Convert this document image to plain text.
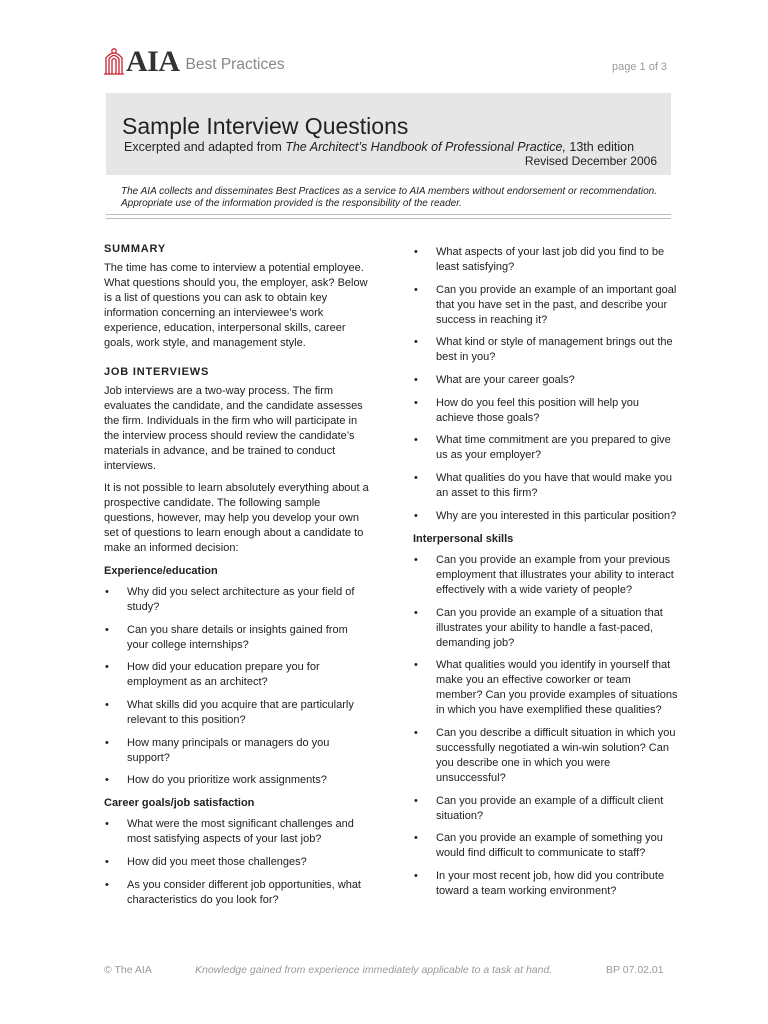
AIA Best Practices	page 1 of 3
Sample Interview Questions
Excerpted and adapted from The Architect’s Handbook of Professional Practice, 13th edition
Revised December 2006
The AIA collects and disseminates Best Practices as a service to AIA members without endorsement or recommendation. Appropriate use of the information provided is the responsibility of the reader.
SUMMARY

The time has come to interview a potential employee. What questions should you, the employer, ask? Below is a list of questions you can ask to obtain key information concerning an interviewee’s work experience, education, interpersonal skills, career goals, work style, and management style.

JOB INTERVIEWS

Job interviews are a two-way process. The firm evaluates the candidate, and the candidate assesses the firm. Individuals in the firm who will participate in the interview process should review the candidate’s materials in advance, and be trained to conduct interviews.

It is not possible to learn absolutely everything about a prospective candidate. The following sample questions, however, may help you develop your own set of questions to learn enough about a candidate to make an informed decision:

Experience/education
• Why did you select architecture as your field of study?
• Can you share details or insights gained from your college internships?
• How did your education prepare you for employment as an architect?
• What skills did you acquire that are particularly relevant to this position?
• How many principals or managers do you support?
• How do you prioritize work assignments?
Career goals/job satisfaction
• What were the most significant challenges and most satisfying aspects of your last job?
• How did you meet those challenges?
• As you consider different job opportunities, what characteristics do you look for?
• What aspects of your last job did you find to be least satisfying?
• Can you provide an example of an important goal that you have set in the past, and describe your success in reaching it?
• What kind or style of management brings out the best in you?
• What are your career goals?
• How do you feel this position will help you achieve those goals?
• What time commitment are you prepared to give us as your employer?
• What qualities do you have that would make you an asset to this firm?
• Why are you interested in this particular position?
Interpersonal skills
• Can you provide an example from your previous employment that illustrates your ability to interact effectively with a wide variety of people?
• Can you provide an example of a situation that illustrates your ability to handle a fast-paced, demanding job?
• What qualities would you identify in yourself that make you an effective coworker or team member? Can you provide examples of situations in which you have exemplified these qualities?
• Can you describe a difficult situation in which you successfully negotiated a win-win solution? Can you describe one in which you were unsuccessful?
• Can you provide an example of a difficult client situation?
• Can you provide an example of something you would find difficult to communicate to staff?
• In your most recent job, how did you contribute toward a team working environment?
© The AIA	Knowledge gained from experience immediately applicable to a task at hand.	BP 07.02.01
